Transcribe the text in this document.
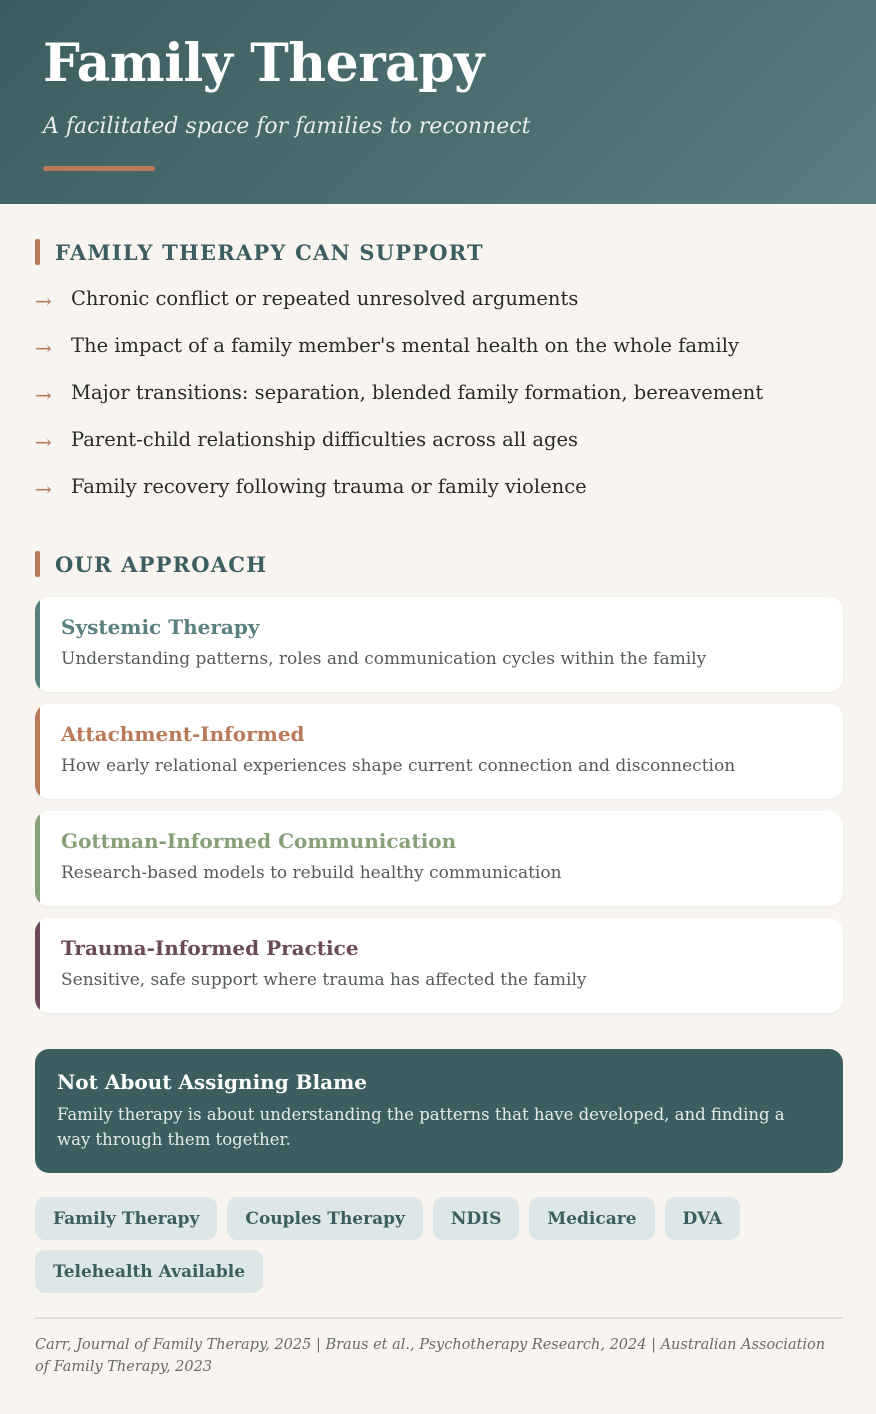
Family Therapy
A facilitated space for families to reconnect
FAMILY THERAPY CAN SUPPORT
→ Chronic conflict or repeated unresolved arguments
→ The impact of a family member's mental health on the whole family
→ Major transitions: separation, blended family formation, bereavement
→ Parent-child relationship difficulties across all ages
→ Family recovery following trauma or family violence
OUR APPROACH
Systemic Therapy
Understanding patterns, roles and communication cycles within the family
Attachment-Informed
How early relational experiences shape current connection and disconnection
Gottman-Informed Communication
Research-based models to rebuild healthy communication
Trauma-Informed Practice
Sensitive, safe support where trauma has affected the family
Not About Assigning Blame
Family therapy is about understanding the patterns that have developed, and finding a way through them together.
Family Therapy	Couples Therapy	NDIS	Medicare	DVA
Telehealth Available
Carr, Journal of Family Therapy, 2025 | Braus et al., Psychotherapy Research, 2024 | Australian Association of Family Therapy, 2023
